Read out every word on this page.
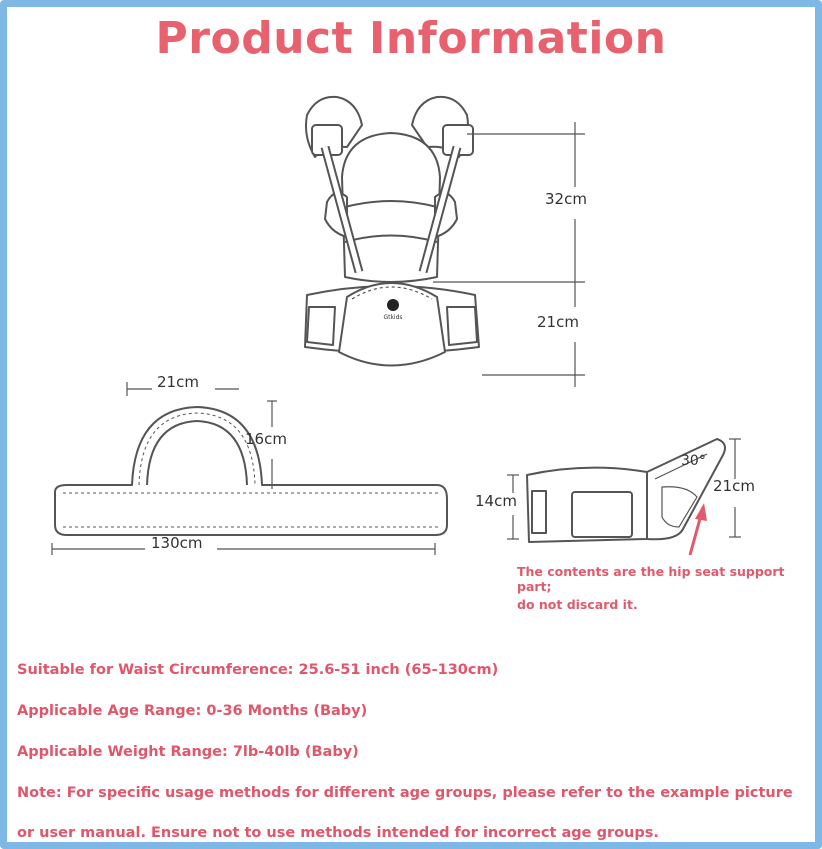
Product Information
Gtkids
32cm
21cm
21cm
16cm
130cm
30°
14cm
21cm
The contents are the hip seat support part;
do not discard it.
Suitable for Waist Circumference: 25.6-51 inch (65-130cm)
Applicable Age Range: 0-36 Months (Baby)
Applicable Weight Range: 7lb-40lb (Baby)
Note: For specific usage methods for different age groups, please refer to the example picture
or user manual. Ensure not to use methods intended for incorrect age groups.
